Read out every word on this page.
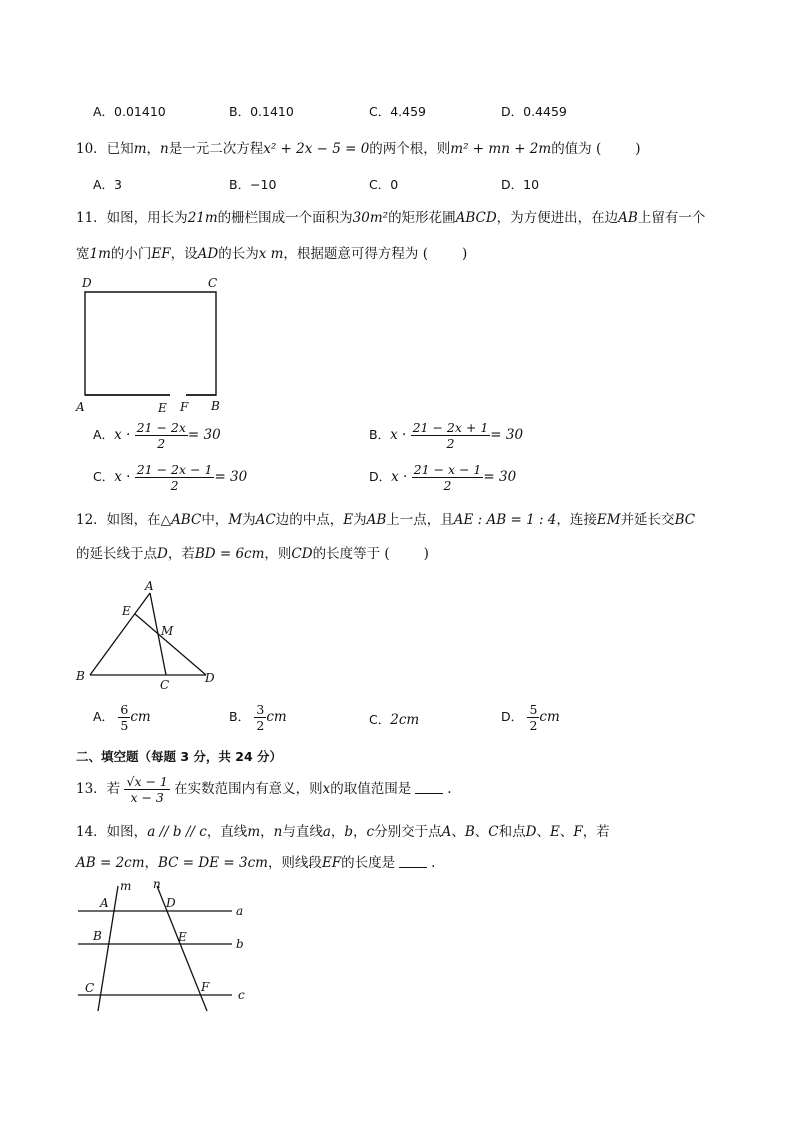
A．0.01410	B．0.1410	C．4.459	D．0.4459
10．已知m，n是一元二次方程x² + 2x − 5 = 0的两个根，则m² + mn + 2m的值为 (	)
A．3	B．−10	C．0	D．10
11．如图，用长为21m的栅栏围成一个面积为30m²的矩形花圃ABCD，为方便进出，在边AB上留有一个
宽1m的小门EF，设AD的长为x m，根据题意可得方程为 (	)
D	C
A	E F B
A．$x \cdot \frac{21 - 2x}{2} = 30$	B．$x \cdot \frac{21 - 2x + 1}{2} = 30$
C．$x \cdot \frac{21 - 2x - 1}{2} = 30$	D．$x \cdot \frac{21 - x - 1}{2} = 30$
12．如图，在△ABC中，M为AC边的中点，E为AB上一点，且AE : AB = 1 : 4，连接EM并延长交BC
的延长线于点D，若BD = 6cm，则CD的长度等于 (	)
A
E
M
B
C	D
A． $\frac{6}{5}$ cm	B． $\frac{3}{2}$ cm	C．2cm	D． $\frac{5}{2}$ cm
二、填空题（每题 3 分，共 24 分）
13．若 $\frac{√x - 1}{x - 3}$ 在实数范围内有意义，则x的取值范围是	.
14．如图，a // b // c，直线m，n与直线a，b，c分别交于点A、B、C和点D、E、F，若
AB = 2cm，BC = DE = 3cm，则线段EF的长度是	.
m n
A	D
a
B	E	b
C	F
c
